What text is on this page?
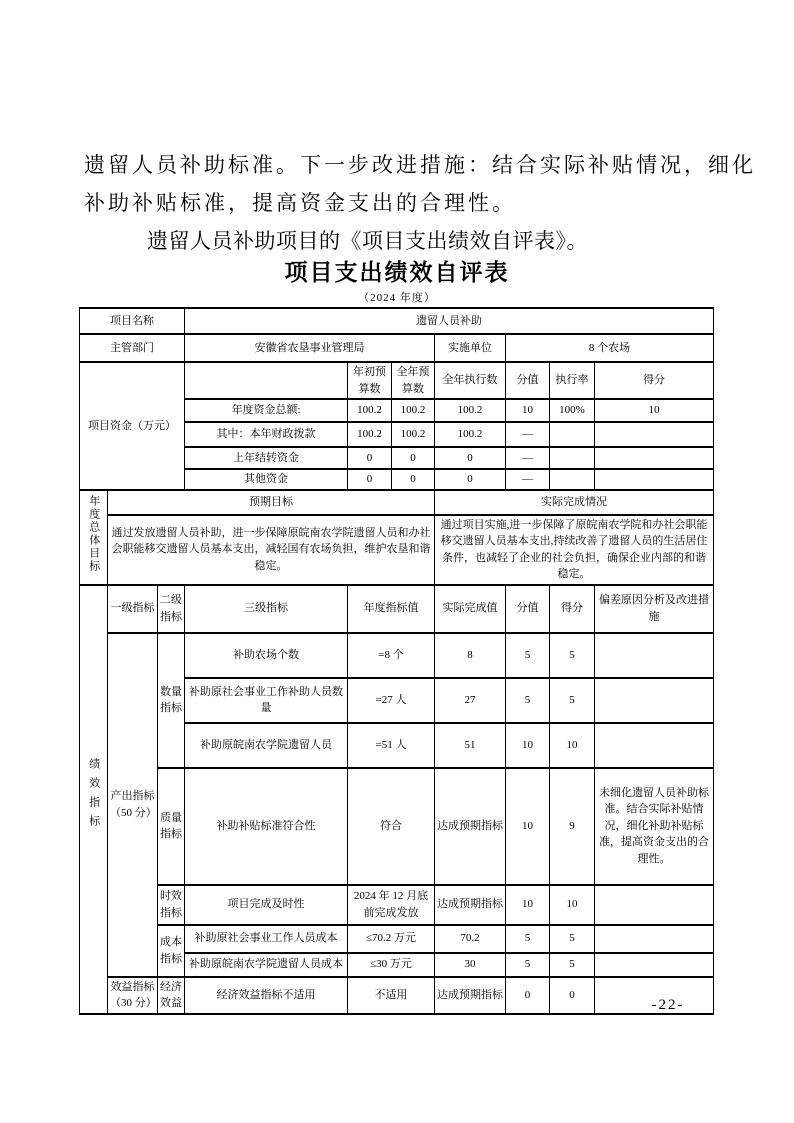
遗留人员补助标准。下一步改进措施：结合实际补贴情况，细化
补助补贴标准，提高资金支出的合理性。
遗留人员补助项目的《项目支出绩效自评表》。
项目支出绩效自评表
（2024 年度）
项目名称			遗留人员补助						
主管部门			安徽省农垦事业管理局			实施单位	8 个农场		
项目资金（万元）				年初预算数	全年预算数	全年执行数	分值	执行率	得分
			年度资金总额:	100.2	100.2	100.2	10	100%	10
			其中：本年财政拨款	100.2	100.2	100.2	—		
			上年结转资金	0	0	0	—		
			其他资金	0	0	0	—		
年度总体目标	预期目标					实际完成情况			
	通过发放遗留人员补助，进一步保障原皖南农学院遗留人员和办社会职能移交遗留人员基本支出，减轻国有农场负担，维护农垦和谐稳定。					通过项目实施,进一步保障了原皖南农学院和办社会职能移交遗留人员基本支出,持续改善了遗留人员的生活居住条件，也减轻了企业的社会负担，确保企业内部的和谐稳定。			
绩效指标	一级指标	二级指标	三级指标	年度指标值		实际完成值	分值	得分	偏差原因分析及改进措施
	产出指标（50 分）	数量指标	补助农场个数	=8 个		8	5	5	
			补助原社会事业工作补助人员数量	=27 人		27	5	5	
			补助原皖南农学院遗留人员	=51 人		51	10	10	
		质量指标	补助补贴标准符合性	符合		达成预期指标	10	9	未细化遗留人员补助标准。结合实际补贴情况，细化补助补贴标准，提高资金支出的合理性。
		时效指标	项目完成及时性	2024 年 12 月底前完成发放		达成预期指标	10	10	
		成本指标	补助原社会事业工作人员成本	≤70.2 万元		70.2	5	5	
			补助原皖南农学院遗留人员成本	≤30 万元		30	5	5	
	效益指标（30 分）	经济效益	经济效益指标不适用	不适用		达成预期指标	0	0	
-22-
